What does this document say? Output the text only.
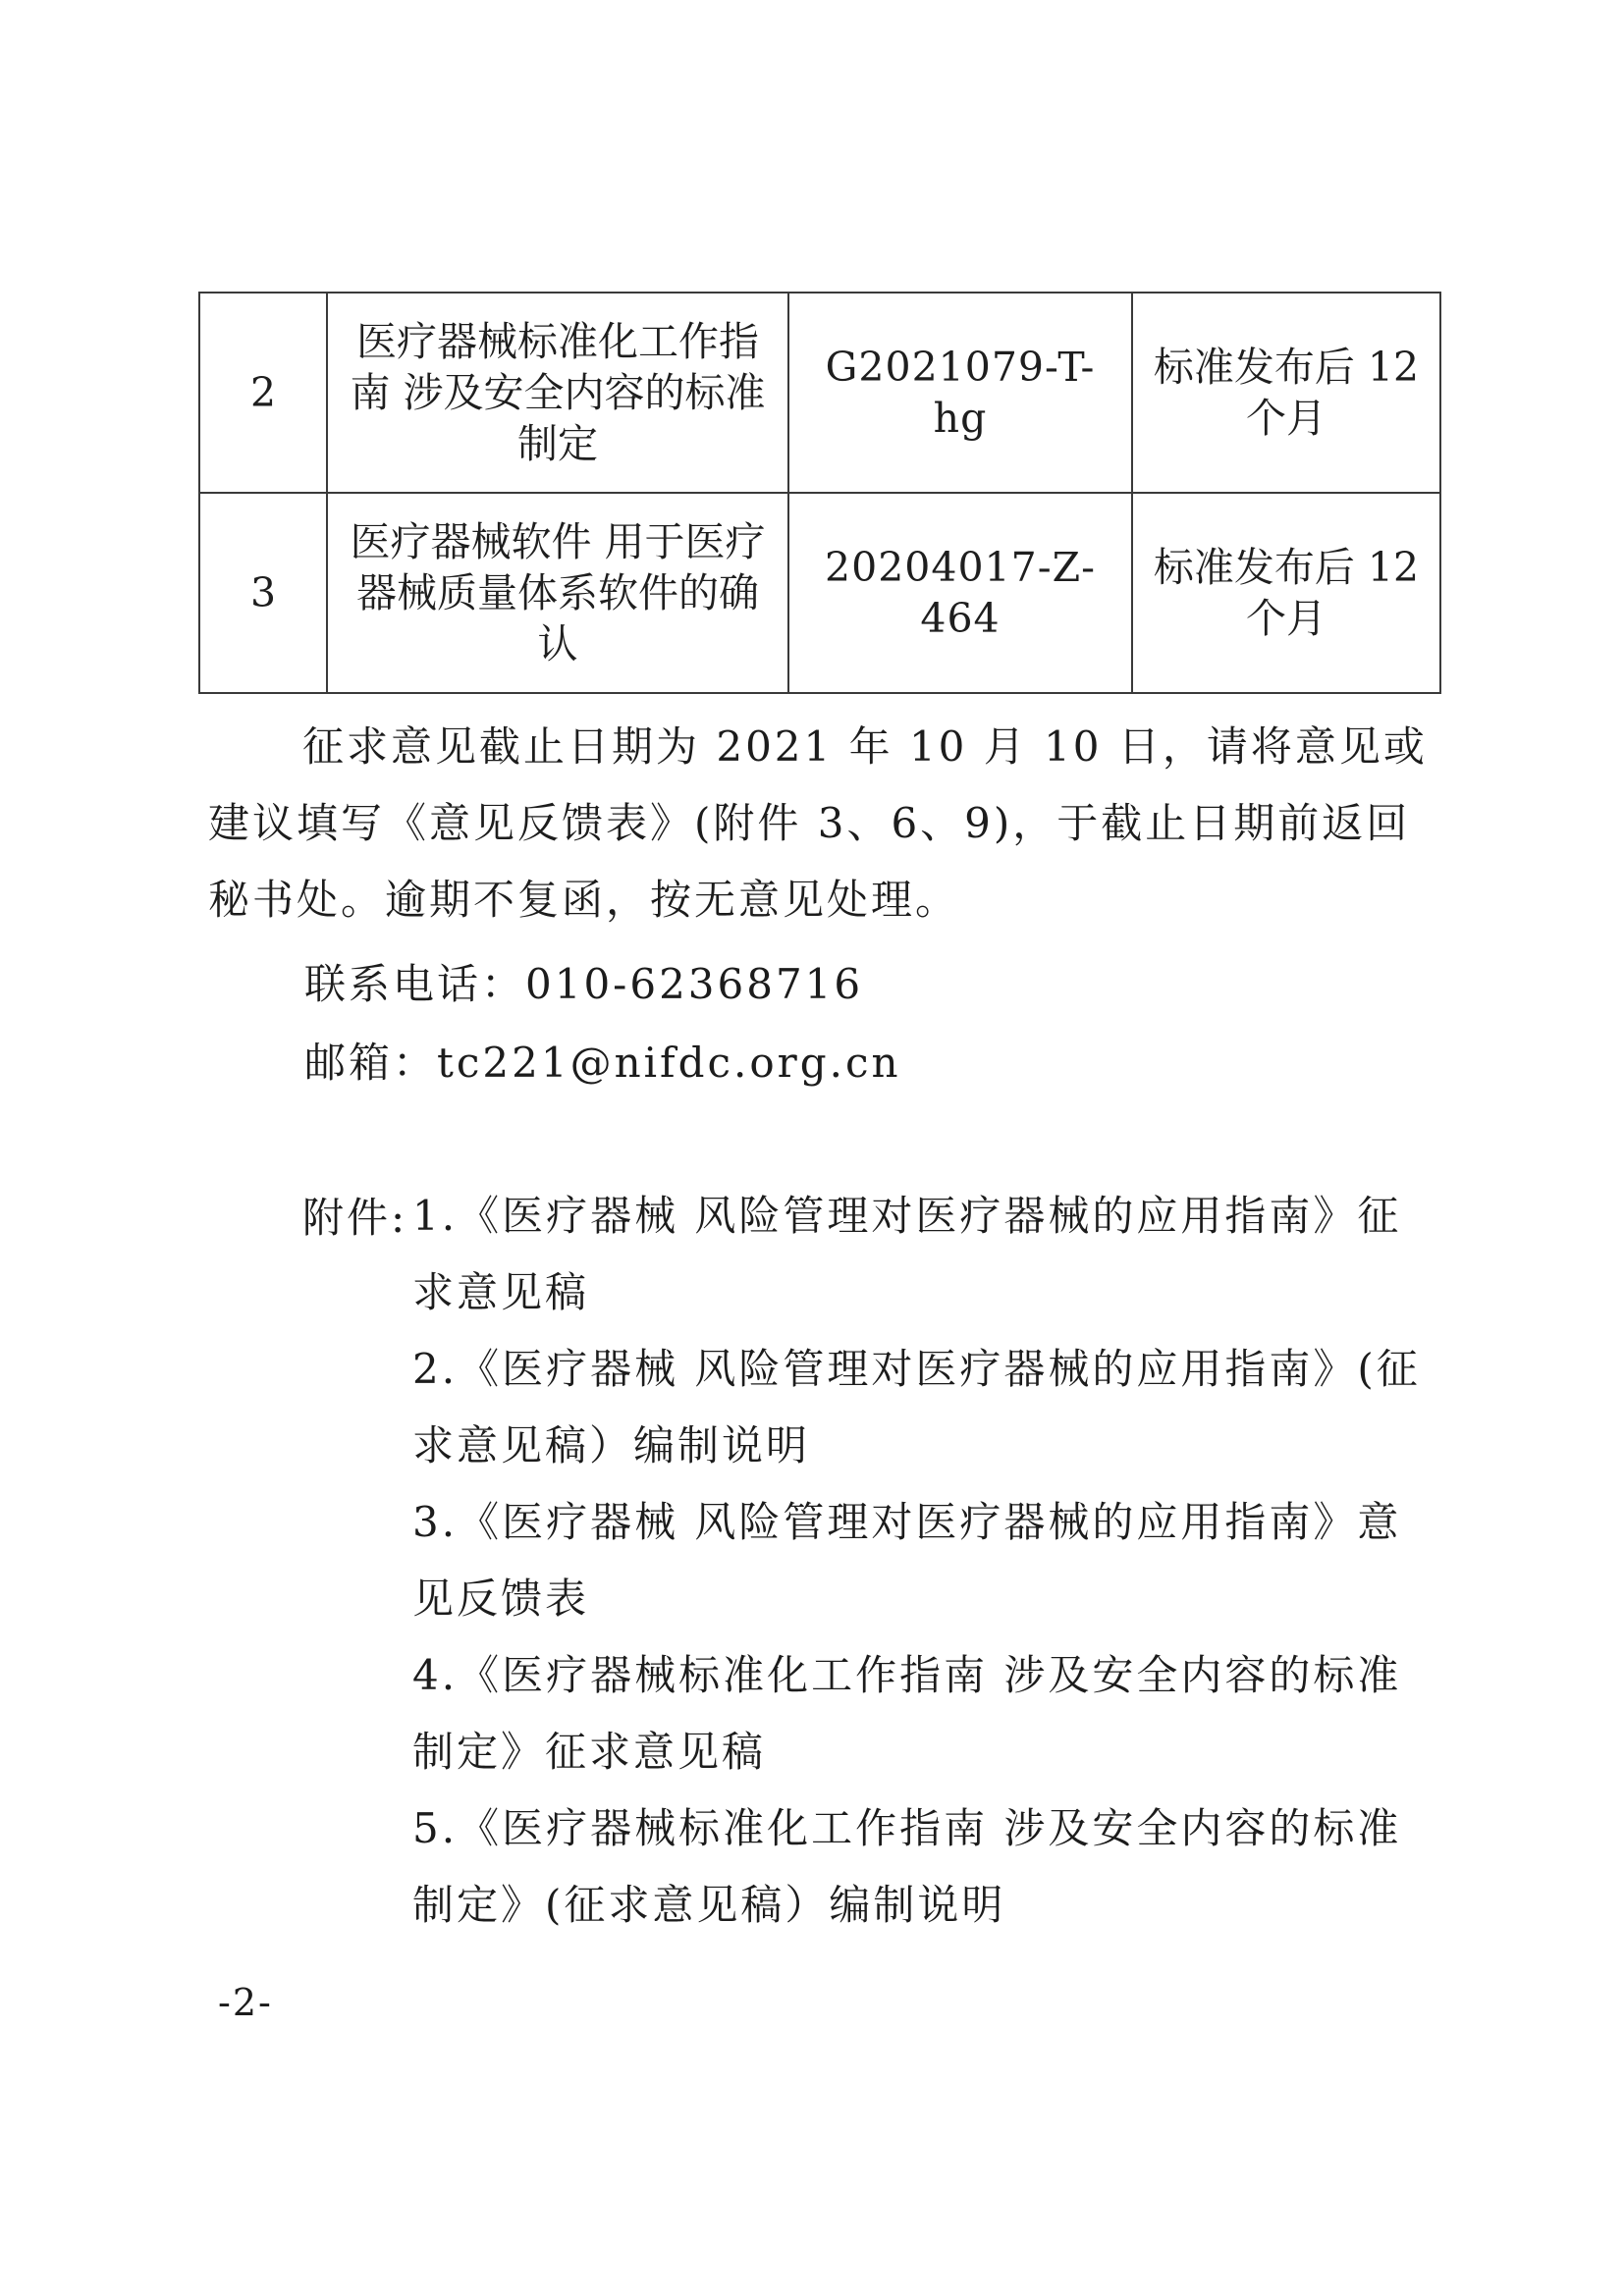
2	医疗器械标准化工作指南 涉及安全内容的标准制定	G2021079-T-hg	标准发布后 12 个月
3	医疗器械软件 用于医疗器械质量体系软件的确认	20204017-Z-464	标准发布后 12 个月

征求意见截止日期为 2021 年 10 月 10 日，请将意见或建议填写《意见反馈表》(附件 3、6、9)，于截止日期前返回秘书处。逾期不复函，按无意见处理。

联系电话：010-62368716

邮箱：tc221@nifdc.org.cn

附件: 1.《医疗器械 风险管理对医疗器械的应用指南》征求意见稿

2.《医疗器械 风险管理对医疗器械的应用指南》(征求意见稿）编制说明

3.《医疗器械 风险管理对医疗器械的应用指南》意见反馈表

4.《医疗器械标准化工作指南 涉及安全内容的标准制定》征求意见稿

5.《医疗器械标准化工作指南 涉及安全内容的标准制定》(征求意见稿）编制说明

-2-
